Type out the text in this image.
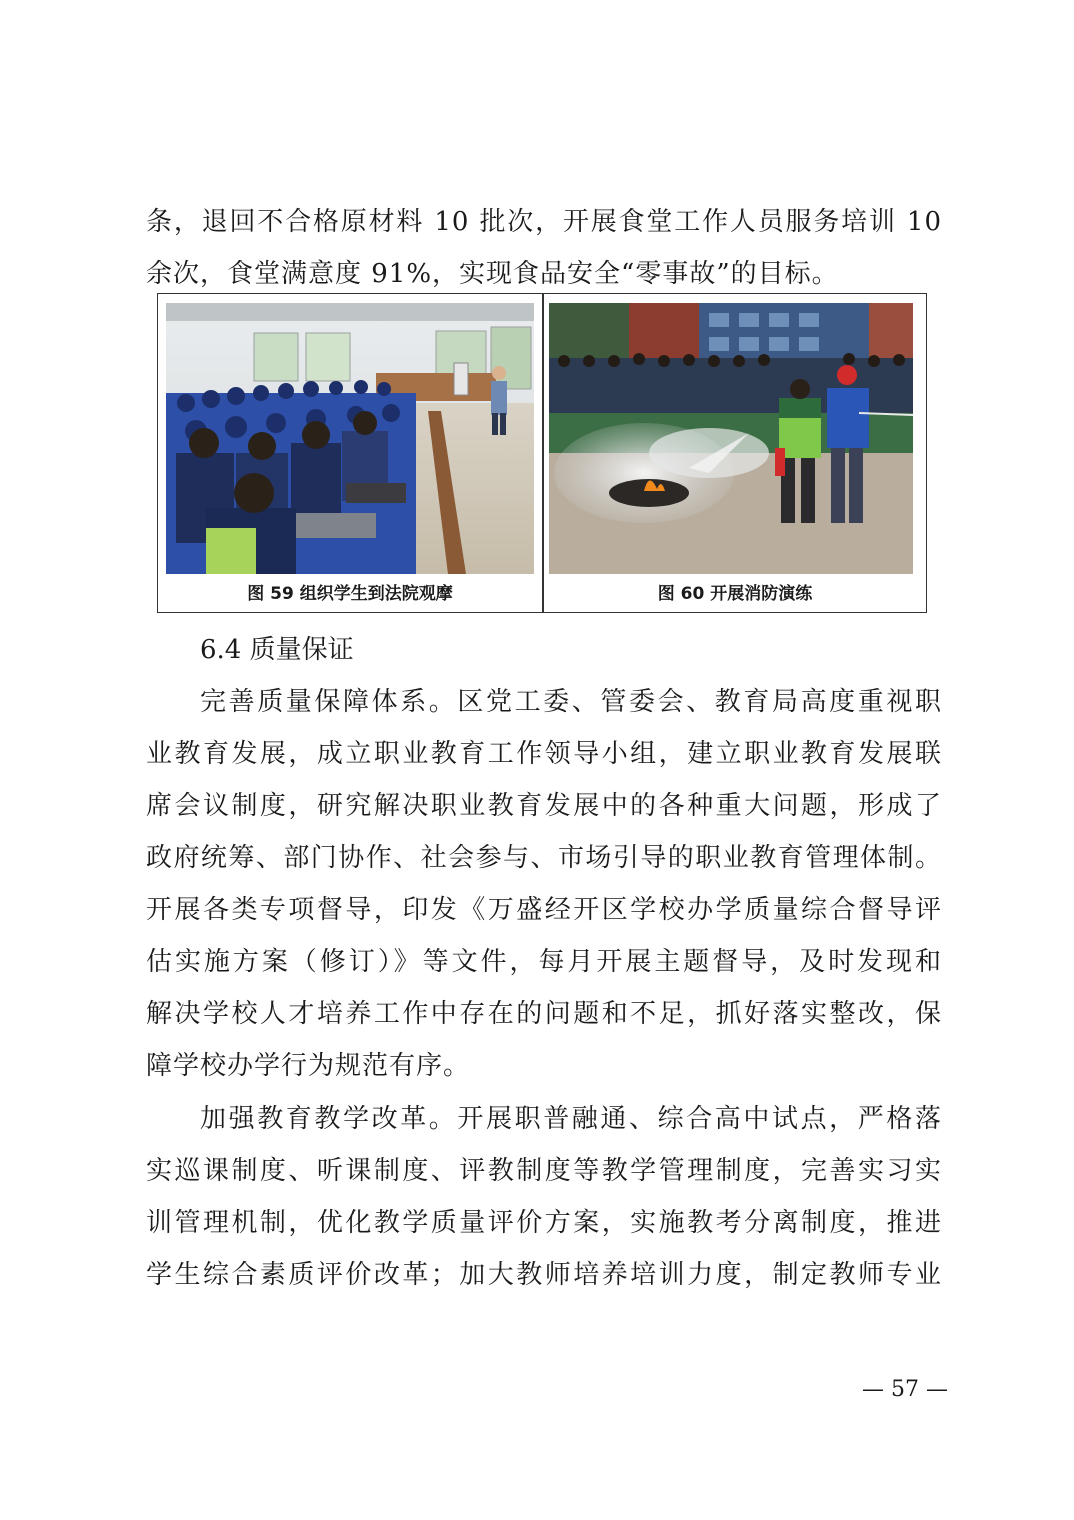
条，退回不合格原材料 10 批次，开展食堂工作人员服务培训 10
余次，食堂满意度 91%，实现食品安全“零事故”的目标。
图 59 组织学生到法院观摩	图 60 开展消防演练
6.4 质量保证
完善质量保障体系。区党工委、管委会、教育局高度重视职
业教育发展，成立职业教育工作领导小组，建立职业教育发展联
席会议制度，研究解决职业教育发展中的各种重大问题，形成了
政府统筹、部门协作、社会参与、市场引导的职业教育管理体制。
开展各类专项督导，印发《万盛经开区学校办学质量综合督导评
估实施方案（修订）》等文件，每月开展主题督导，及时发现和
解决学校人才培养工作中存在的问题和不足，抓好落实整改，保
障学校办学行为规范有序。
加强教育教学改革。开展职普融通、综合高中试点，严格落
实巡课制度、听课制度、评教制度等教学管理制度，完善实习实
训管理机制，优化教学质量评价方案，实施教考分离制度，推进
学生综合素质评价改革；加大教师培养培训力度，制定教师专业
— 57 —
